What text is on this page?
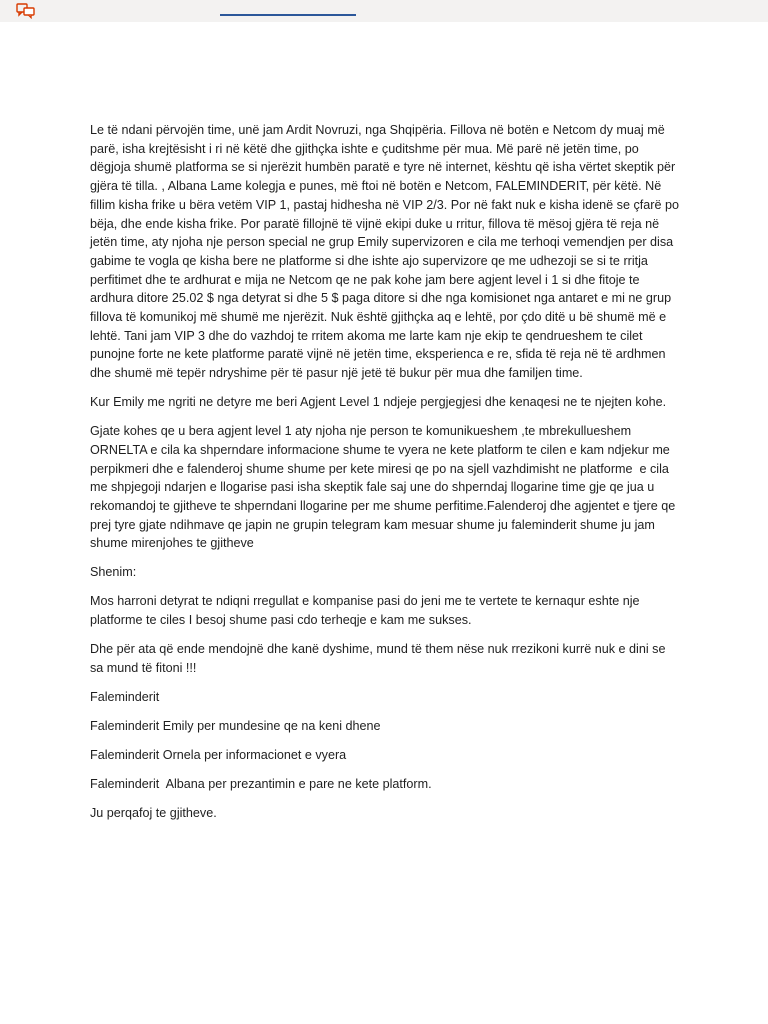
Le të ndani përvojën time, unë jam Ardit Novruzi, nga Shqipëria. Fillova në botën e Netcom dy muaj më parë, isha krejtësisht i ri në këtë dhe gjithçka ishte e çuditshme për mua. Më parë në jetën time, po dëgjoja shumë platforma se si njerëzit humbën paratë e tyre në internet, kështu që isha vërtet skeptik për gjëra të tilla. , Albana Lame kolegja e punes, më ftoi në botën e Netcom, FALEMINDERIT, për këtë. Në fillim kisha frike u bëra vetëm VIP 1, pastaj hidhesha në VIP 2/3. Por në fakt nuk e kisha idenë se çfarë po bëja, dhe ende kisha frike. Por paratë fillojnë të vijnë ekipi duke u rritur, fillova të mësoj gjëra të reja në jetën time, aty njoha nje person special ne grup Emily supervizoren e cila me terhoqi vemendjen per disa gabime te vogla qe kisha bere ne platforme si dhe ishte ajo supervizore qe me udhezoji se si te rritja perfitimet dhe te ardhurat e mija ne Netcom qe ne pak kohe jam bere agjent level i 1 si dhe fitoje te ardhura ditore 25.02 $ nga detyrat si dhe 5 $ paga ditore si dhe nga komisionet nga antaret e mi ne grup fillova të komunikoj më shumë me njerëzit. Nuk është gjithçka aq e lehtë, por çdo ditë u bë shumë më e lehtë. Tani jam VIP 3 dhe do vazhdoj te rritem akoma me larte kam nje ekip te qendrueshem te cilet punojne forte ne kete platforme paratë vijnë në jetën time, eksperienca e re, sfida të reja në të ardhmen dhe shumë më tepër ndryshime për të pasur një jetë të bukur për mua dhe familjen time.

Kur Emily me ngriti ne detyre me beri Agjent Level 1 ndjeje pergjegjesi dhe kenaqesi ne te njejten kohe.

Gjate kohes qe u bera agjent level 1 aty njoha nje person te komunikueshem ,te mbrekullueshem ORNELTA e cila ka shperndare informacione shume te vyera ne kete platform te cilen e kam ndjekur me perpikmeri dhe e falenderoj shume shume per kete miresi qe po na sjell vazhdimisht ne platforme  e cila me shpjegoji ndarjen e llogarise pasi isha skeptik fale saj une do shperndaj llogarine time gje qe jua u rekomandoj te gjitheve te shperndani llogarine per me shume perfitime.Falenderoj dhe agjentet e tjere qe prej tyre gjate ndihmave qe japin ne grupin telegram kam mesuar shume ju faleminderit shume ju jam shume mirenjohes te gjitheve

Shenim:

Mos harroni detyrat te ndiqni rregullat e kompanise pasi do jeni me te vertete te kernaqur eshte nje platforme te ciles I besoj shume pasi cdo terheqje e kam me sukses.

Dhe për ata që ende mendojnë dhe kanë dyshime, mund të them nëse nuk rrezikoni kurrë nuk e dini se sa mund të fitoni !!!

Faleminderit

Faleminderit Emily per mundesine qe na keni dhene

Faleminderit Ornela per informacionet e vyera

Faleminderit  Albana per prezantimin e pare ne kete platform.

Ju perqafoj te gjitheve.
